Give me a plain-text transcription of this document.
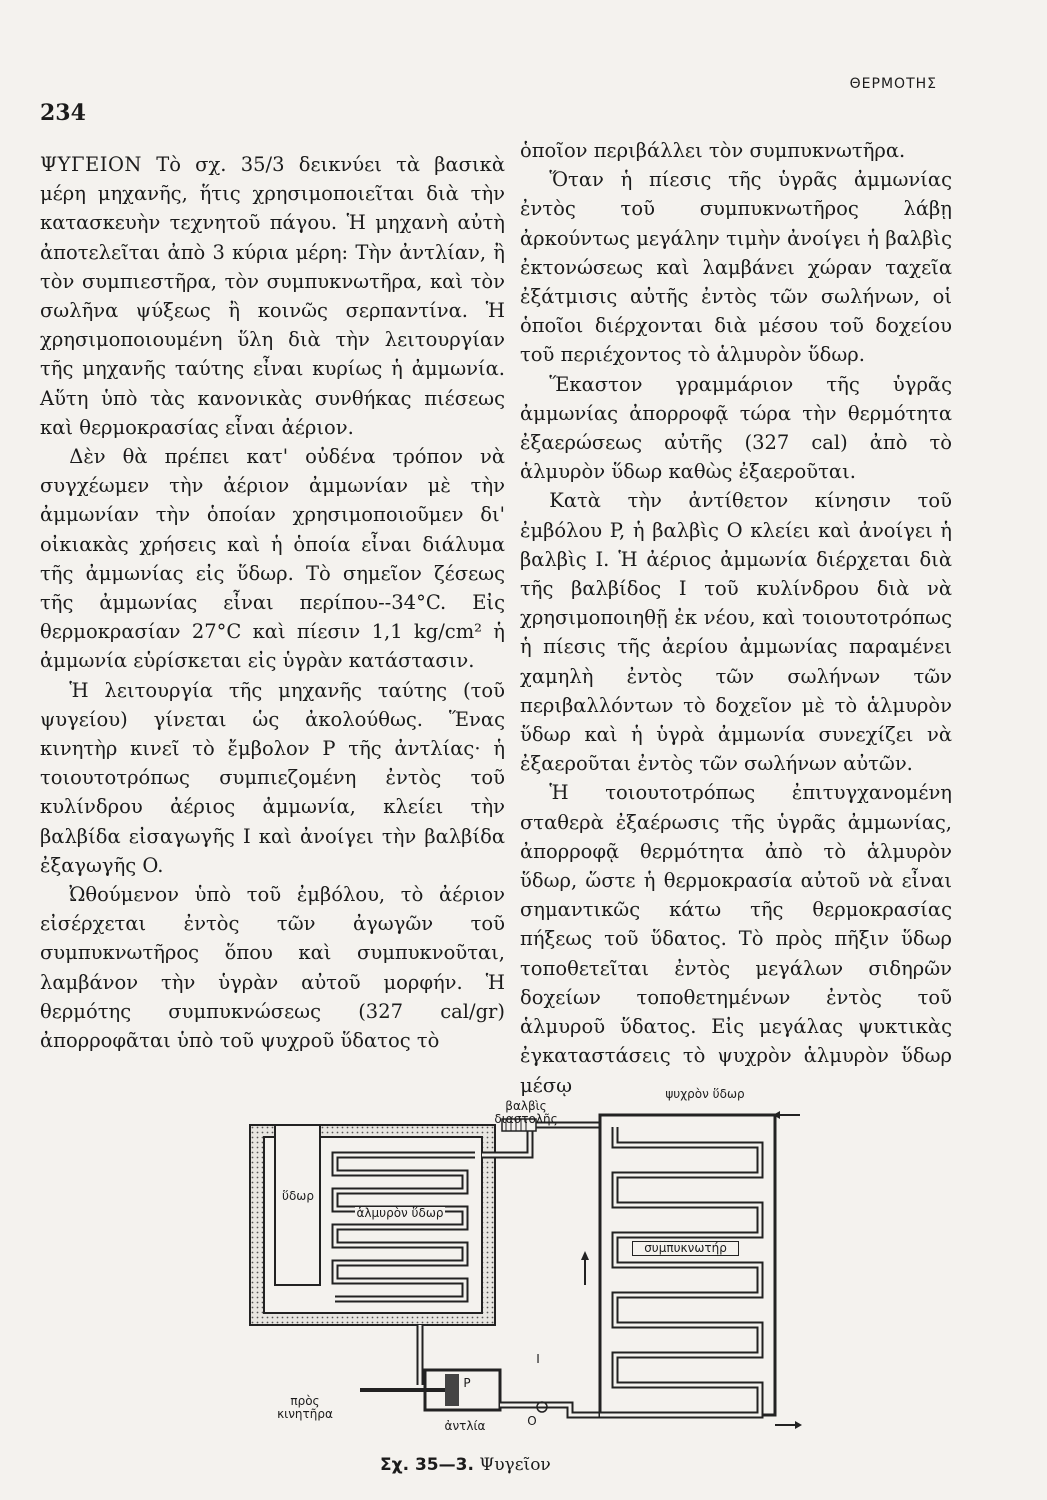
ΘΕΡΜΟΤΗΣ
234

ΨΥΓΕΙΟΝ Τὸ σχ. 35/3 δεικνύει τὰ βασικὰ μέρη μηχανῆς, ἥτις χρησιμοποιεῖται διὰ τὴν κατασκευὴν τεχνητοῦ πάγου. Ἡ μηχανὴ αὐτὴ ἀποτελεῖται ἀπὸ 3 κύρια μέρη: Τὴν ἀντλίαν, ἢ τὸν συμπιεστῆρα, τὸν συμπυκνωτῆρα, καὶ τὸν σωλῆνα ψύξεως ἢ κοινῶς σερπαντίνα. Ἡ χρησιμοποιουμένη ὕλη διὰ τὴν λειτουργίαν τῆς μηχανῆς ταύτης εἶναι κυρίως ἡ ἀμμωνία. Αὕτη ὑπὸ τὰς κανονικὰς συνθήκας πιέσεως καὶ θερμοκρασίας εἶναι ἀέριον.

Δὲν θὰ πρέπει κατ' οὐδένα τρόπον νὰ συγχέωμεν τὴν ἀέριον ἀμμωνίαν μὲ τὴν ἀμμωνίαν τὴν ὁποίαν χρησιμοποιοῦμεν δι' οἰκιακὰς χρήσεις καὶ ἡ ὁποία εἶναι διάλυμα τῆς ἀμμωνίας εἰς ὕδωρ. Τὸ σημεῖον ζέσεως τῆς ἀμμωνίας εἶναι περίπου--34°C. Εἰς θερμοκρασίαν 27°C καὶ πίεσιν 1,1 kg/cm² ἡ ἀμμωνία εὑρίσκεται εἰς ὑγρὰν κατάστασιν.

Ἡ λειτουργία τῆς μηχανῆς ταύτης (τοῦ ψυγείου) γίνεται ὡς ἀκολούθως. Ἕνας κινητὴρ κινεῖ τὸ ἔμβολον P τῆς ἀντλίας· ἡ τοιουτοτρόπως συμπιεζομένη ἐντὸς τοῦ κυλίνδρου ἀέριος ἀμμωνία, κλείει τὴν βαλβίδα εἰσαγωγῆς I καὶ ἀνοίγει τὴν βαλβίδα ἐξαγωγῆς O.

Ὠθούμενον ὑπὸ τοῦ ἐμβόλου, τὸ ἀέριον εἰσέρχεται ἐντὸς τῶν ἀγωγῶν τοῦ συμπυκνωτῆρος ὅπου καὶ συμπυκνοῦται, λαμβάνον τὴν ὑγρὰν αὐτοῦ μορφήν. Ἡ θερμότης συμπυκνώσεως (327 cal/gr) ἀπορροφᾶται ὑπὸ τοῦ ψυχροῦ ὕδατος τὸ

ὁποῖον περιβάλλει τὸν συμπυκνωτῆρα.

Ὅταν ἡ πίεσις τῆς ὑγρᾶς ἀμμωνίας ἐντὸς τοῦ συμπυκνωτῆρος λάβῃ ἀρκούντως μεγάλην τιμὴν ἀνοίγει ἡ βαλβὶς ἐκτονώσεως καὶ λαμβάνει χώραν ταχεῖα ἐξάτμισις αὐτῆς ἐντὸς τῶν σωλήνων, οἱ ὁποῖοι διέρχονται διὰ μέσου τοῦ δοχείου τοῦ περιέχοντος τὸ ἁλμυρὸν ὕδωρ.

Ἕκαστον γραμμάριον τῆς ὑγρᾶς ἀμμωνίας ἀπορροφᾷ τώρα τὴν θερμότητα ἐξαερώσεως αὐτῆς (327 cal) ἀπὸ τὸ ἁλμυρὸν ὕδωρ καθὼς ἐξαεροῦται.

Κατὰ τὴν ἀντίθετον κίνησιν τοῦ ἐμβόλου P, ἡ βαλβὶς O κλείει καὶ ἀνοίγει ἡ βαλβὶς I. Ἡ ἀέριος ἀμμωνία διέρχεται διὰ τῆς βαλβίδος I τοῦ κυλίνδρου διὰ νὰ χρησιμοποιηθῇ ἐκ νέου, καὶ τοιουτοτρόπως ἡ πίεσις τῆς ἀερίου ἀμμωνίας παραμένει χαμηλὴ ἐντὸς τῶν σωλήνων τῶν περιβαλλόντων τὸ δοχεῖον μὲ τὸ ἁλμυρὸν ὕδωρ καὶ ἡ ὑγρὰ ἀμμωνία συνεχίζει νὰ ἐξαεροῦται ἐντὸς τῶν σωλήνων αὐτῶν.

Ἡ τοιουτοτρόπως ἐπιτυγχανομένη σταθερὰ ἐξαέρωσις τῆς ὑγρᾶς ἀμμωνίας, ἀπορροφᾷ θερμότητα ἀπὸ τὸ ἁλμυρὸν ὕδωρ, ὥστε ἡ θερμοκρασία αὐτοῦ νὰ εἶναι σημαντικῶς κάτω τῆς θερμοκρασίας πήξεως τοῦ ὕδατος. Τὸ πρὸς πῆξιν ὕδωρ τοποθετεῖται ἐντὸς μεγάλων σιδηρῶν δοχείων τοποθετημένων ἐντὸς τοῦ ἁλμυροῦ ὕδατος. Εἰς μεγάλας ψυκτικὰς ἐγκαταστάσεις τὸ ψυχρὸν ἁλμυρὸν ὕδωρ μέσῳ	ψυχρὸν ὕδωρ
βαλβὶς διαστολῆς
ὕδωρ
ἁλμυρὸν ὕδωρ
συμπυκνωτήρ
πρὸς κινητῆρα
ἀντλία
P
I
O
Σχ. 35—3. Ψυγεῖον
